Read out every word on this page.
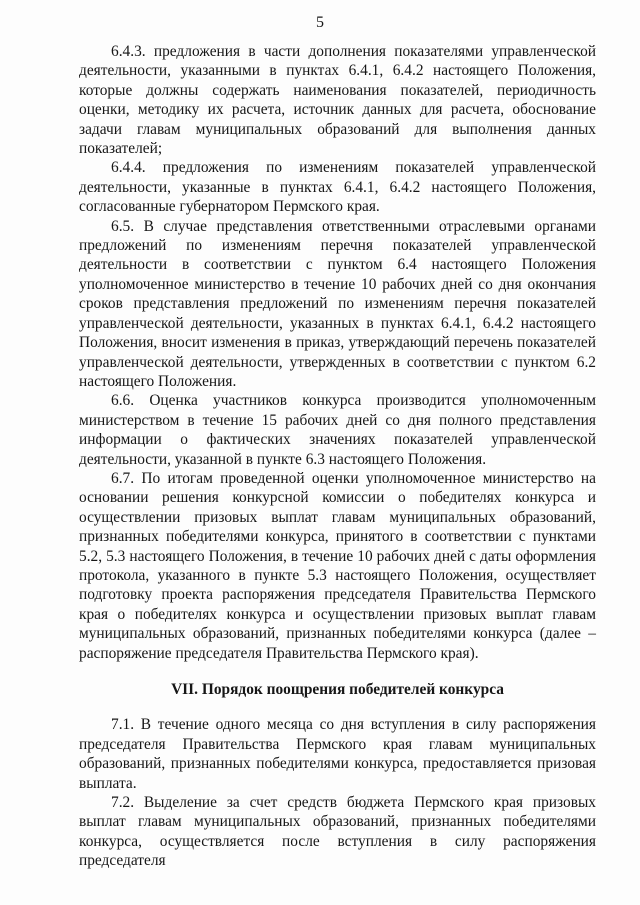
5

6.4.3. предложения в части дополнения показателями управленческой деятельности, указанными в пунктах 6.4.1, 6.4.2 настоящего Положения, которые должны содержать наименования показателей, периодичность оценки, методику их расчета, источник данных для расчета, обоснование задачи главам муниципальных образований для выполнения данных показателей;

6.4.4. предложения по изменениям показателей управленческой деятельности, указанные в пунктах 6.4.1, 6.4.2 настоящего Положения, согласованные губернатором Пермского края.

6.5. В случае представления ответственными отраслевыми органами предложений по изменениям перечня показателей управленческой деятельности в соответствии с пунктом 6.4 настоящего Положения уполномоченное министерство в течение 10 рабочих дней со дня окончания сроков представления предложений по изменениям перечня показателей управленческой деятельности, указанных в пунктах 6.4.1, 6.4.2 настоящего Положения, вносит изменения в приказ, утверждающий перечень показателей управленческой деятельности, утвержденных в соответствии с пунктом 6.2 настоящего Положения.

6.6. Оценка участников конкурса производится уполномоченным министерством в течение 15 рабочих дней со дня полного представления информации о фактических значениях показателей управленческой деятельности, указанной в пункте 6.3 настоящего Положения.

6.7. По итогам проведенной оценки уполномоченное министерство на основании решения конкурсной комиссии о победителях конкурса и осуществлении призовых выплат главам муниципальных образований, признанных победителями конкурса, принятого в соответствии с пунктами 5.2, 5.3 настоящего Положения, в течение 10 рабочих дней с даты оформления протокола, указанного в пункте 5.3 настоящего Положения, осуществляет подготовку проекта распоряжения председателя Правительства Пермского края о победителях конкурса и осуществлении призовых выплат главам муниципальных образований, признанных победителями конкурса (далее – распоряжение председателя Правительства Пермского края).

VII. Порядок поощрения победителей конкурса

7.1. В течение одного месяца со дня вступления в силу распоряжения председателя Правительства Пермского края главам муниципальных образований, признанных победителями конкурса, предоставляется призовая выплата.

7.2. Выделение за счет средств бюджета Пермского края призовых выплат главам муниципальных образований, признанных победителями конкурса, осуществляется после вступления в силу распоряжения председателя
